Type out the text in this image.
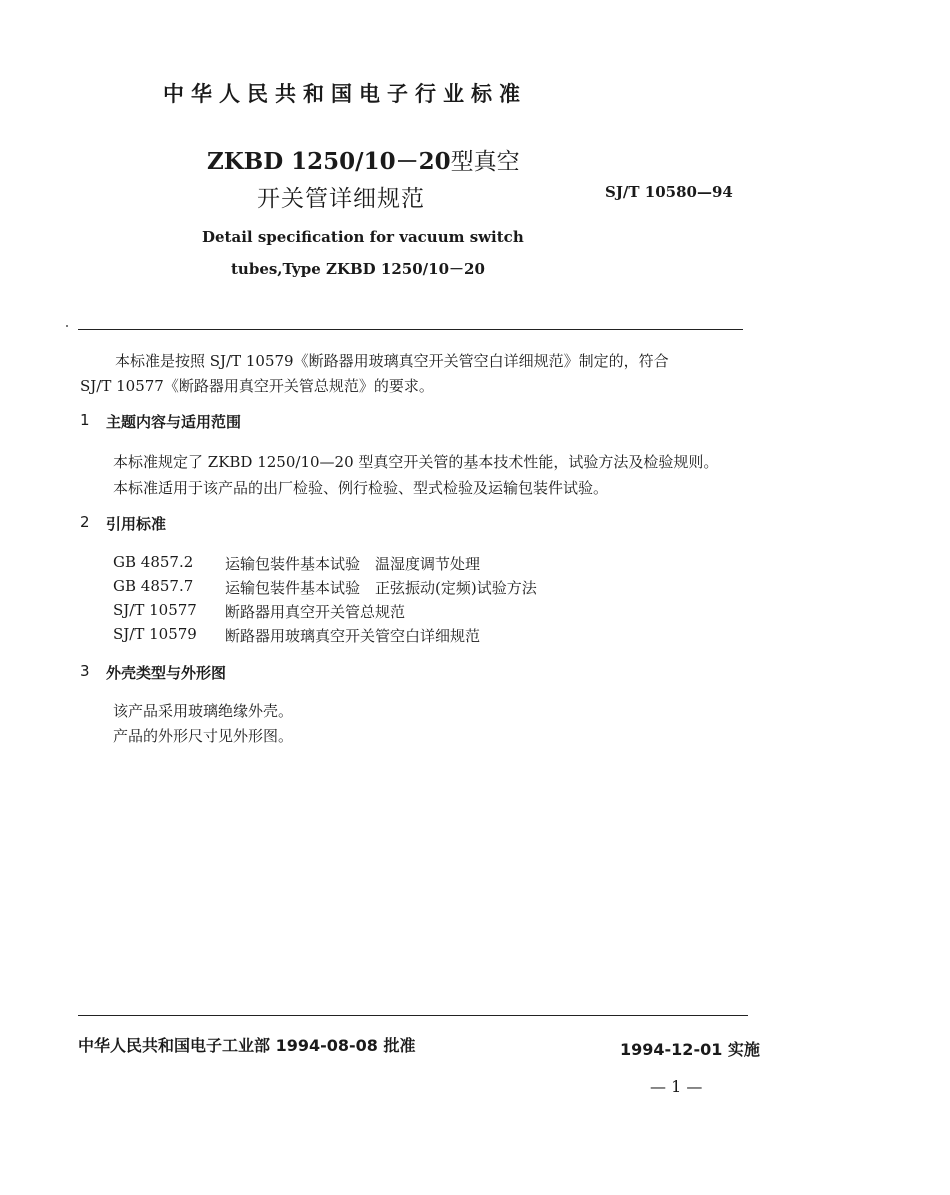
中华人民共和国电子行业标准
ZKBD 1250/10－20型真空
开关管详细规范	SJ/T 10580—94
Detail specification for vacuum switch
tubes,Type ZKBD 1250/10－20
本标准是按照 SJ/T 10579《断路器用玻璃真空开关管空白详细规范》制定的，符合
SJ/T 10577《断路器用真空开关管总规范》的要求。
1 主题内容与适用范围
本标准规定了 ZKBD 1250/10—20 型真空开关管的基本技术性能，试验方法及检验规则。
本标准适用于该产品的出厂检验、例行检验、型式检验及运输包装件试验。
2 引用标准
GB 4857.2 运输包装件基本试验　温湿度调节处理
GB 4857.7 运输包装件基本试验　正弦振动(定频)试验方法
SJ/T 10577 断路器用真空开关管总规范
SJ/T 10579 断路器用玻璃真空开关管空白详细规范
3 外壳类型与外形图
该产品采用玻璃绝缘外壳。
产品的外形尺寸见外形图。
中华人民共和国电子工业部 1994-08-08 批准	1994-12-01 实施
— 1 —
